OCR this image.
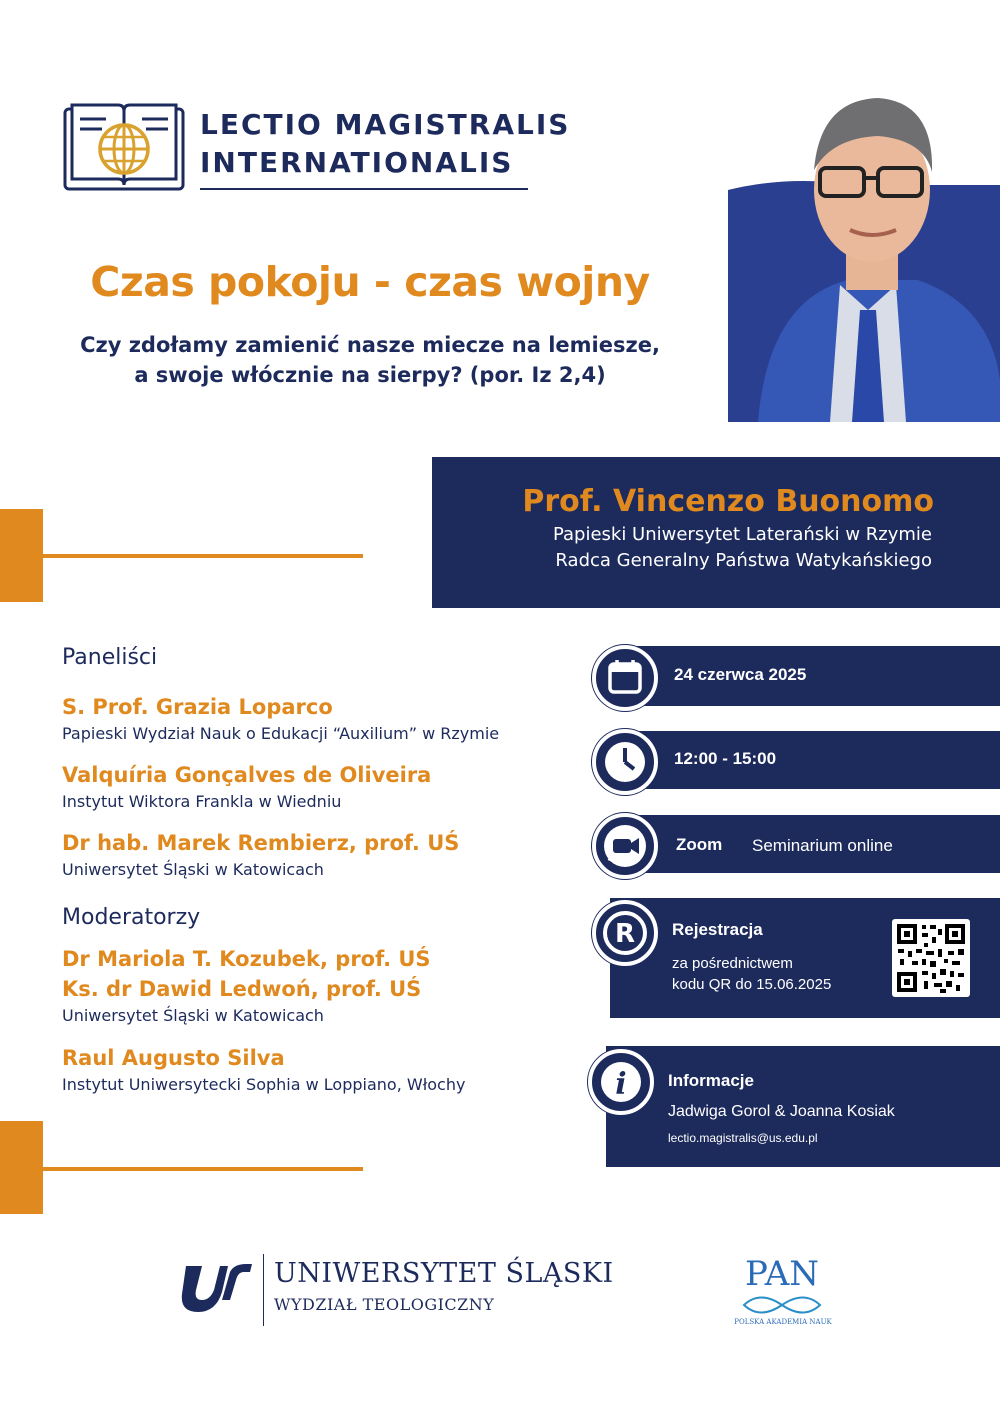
LECTIO MAGISTRALIS
INTERNATIONALIS
Czas pokoju - czas wojny
Czy zdołamy zamienić nasze miecze na lemiesze,
a swoje włócznie na sierpy? (por. Iz 2,4)
Prof. Vincenzo Buonomo
Papieski Uniwersytet Laterański w Rzymie
Radca Generalny Państwa Watykańskiego
Paneliści
S. Prof. Grazia Loparco
Papieski Wydział Nauk o Edukacji “Auxilium” w Rzymie
Valquíria Gonçalves de Oliveira
Instytut Wiktora Frankla w Wiedniu
Dr hab. Marek Rembierz, prof. UŚ
Uniwersytet Śląski w Katowicach
Moderatorzy
Dr Mariola T. Kozubek, prof. UŚ
Ks. dr Dawid Ledwoń, prof. UŚ
Uniwersytet Śląski w Katowicach
Raul Augusto Silva
Instytut Uniwersytecki Sophia w Loppiano, Włochy
24 czerwca 2025
12:00 - 15:00
Zoom Seminarium online
R Rejestracja
za pośrednictwem
kodu QR do 15.06.2025
i Informacje
Jadwiga Gorol & Joanna Kosiak
lectio.magistralis@us.edu.pl
UNIWERSYTET ŚLĄSKI
WYDZIAŁ TEOLOGICZNY
PAN
POLSKA AKADEMIA NAUK
